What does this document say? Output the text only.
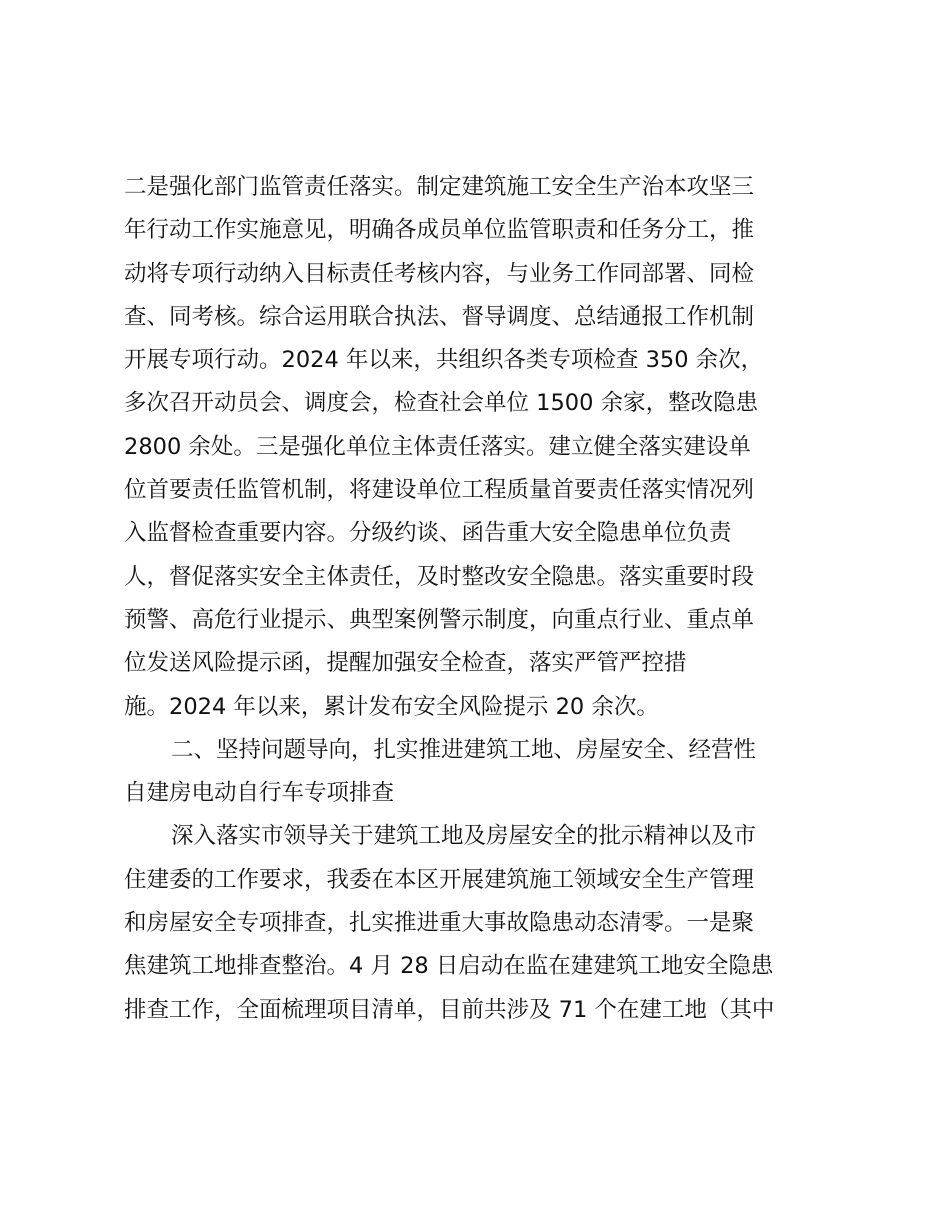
二是强化部门监管责任落实。制定建筑施工安全生产治本攻坚三

年行动工作实施意见，明确各成员单位监管职责和任务分工，推

动将专项行动纳入目标责任考核内容，与业务工作同部署、同检

查、同考核。综合运用联合执法、督导调度、总结通报工作机制

开展专项行动。2024 年以来，共组织各类专项检查 350 余次，

多次召开动员会、调度会，检查社会单位 1500 余家，整改隐患

2800 余处。三是强化单位主体责任落实。建立健全落实建设单

位首要责任监管机制，将建设单位工程质量首要责任落实情况列

入监督检查重要内容。分级约谈、函告重大安全隐患单位负责

人，督促落实安全主体责任，及时整改安全隐患。落实重要时段

预警、高危行业提示、典型案例警示制度，向重点行业、重点单

位发送风险提示函，提醒加强安全检查，落实严管严控措

施。2024 年以来，累计发布安全风险提示 20 余次。

二、坚持问题导向，扎实推进建筑工地、房屋安全、经营性

自建房电动自行车专项排查

深入落实市领导关于建筑工地及房屋安全的批示精神以及市

住建委的工作要求，我委在本区开展建筑施工领域安全生产管理

和房屋安全专项排查，扎实推进重大事故隐患动态清零。一是聚

焦建筑工地排查整治。4 月 28 日启动在监在建建筑工地安全隐患

排查工作，全面梳理项目清单，目前共涉及 71 个在建工地（其中
